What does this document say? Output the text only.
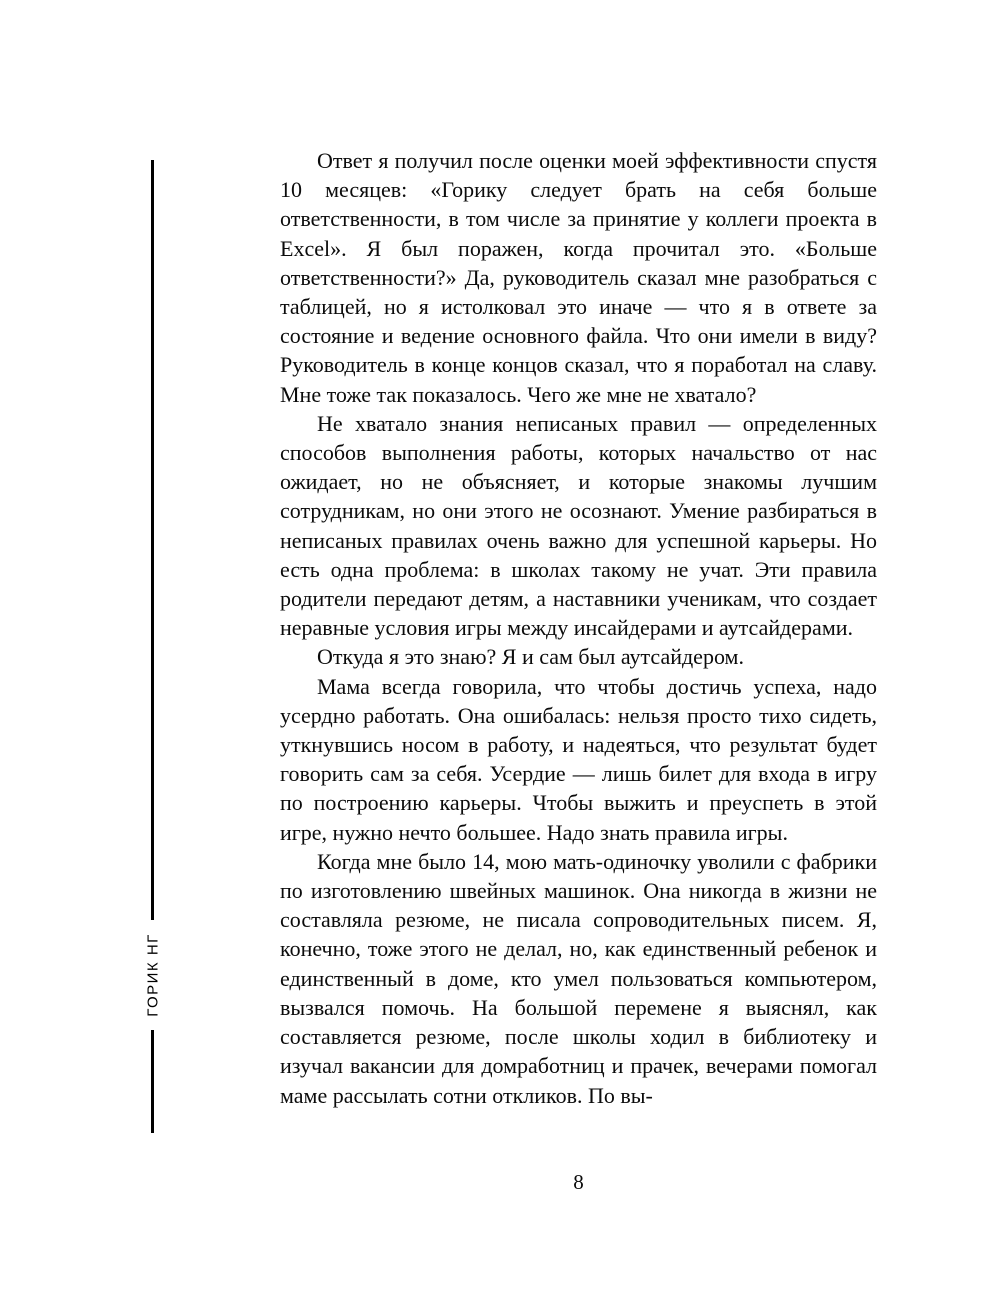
ГОРИК НГ

Ответ я получил после оценки моей эффективности спустя 10 месяцев: «Горику следует брать на себя больше ответственности, в том числе за принятие у коллеги проекта в Excel». Я был поражен, когда прочитал это. «Больше ответственности?» Да, руководитель сказал мне разобраться с таблицей, но я истолковал это иначе — что я в ответе за состояние и ведение основного файла. Что они имели в виду? Руководитель в конце концов сказал, что я поработал на славу. Мне тоже так показалось. Чего же мне не хватало?

Не хватало знания неписаных правил — определенных способов выполнения работы, которых начальство от нас ожидает, но не объясняет, и которые знакомы лучшим сотрудникам, но они этого не осознают. Умение разбираться в неписаных правилах очень важно для успешной карьеры. Но есть одна проблема: в школах такому не учат. Эти правила родители передают детям, а наставники ученикам, что создает неравные условия игры между инсайдерами и аутсайдерами.

Откуда я это знаю? Я и сам был аутсайдером.

Мама всегда говорила, что чтобы достичь успеха, надо усердно работать. Она ошибалась: нельзя просто тихо сидеть, уткнувшись носом в работу, и надеяться, что результат будет говорить сам за себя. Усердие — лишь билет для входа в игру по построению карьеры. Чтобы выжить и преуспеть в этой игре, нужно нечто большее. Надо знать правила игры.

Когда мне было 14, мою мать-одиночку уволили с фабрики по изготовлению швейных машинок. Она никогда в жизни не составляла резюме, не писала сопроводительных писем. Я, конечно, тоже этого не делал, но, как единственный ребенок и единственный в доме, кто умел пользоваться компьютером, вызвался помочь. На большой перемене я выяснял, как составляется резюме, после школы ходил в библиотеку и изучал вакансии для домработниц и прачек, вечерами помогал маме рассылать сотни откликов. По вы-

8
